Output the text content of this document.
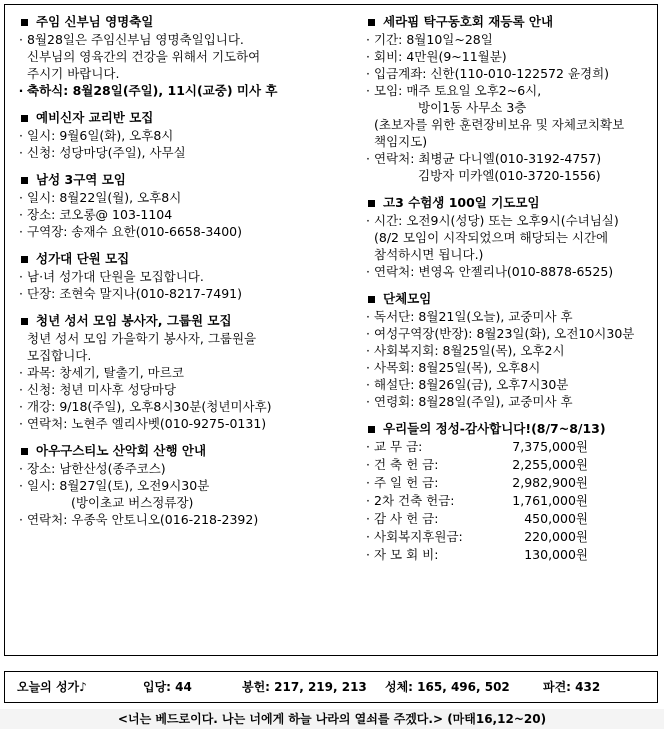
주임 신부님 영명축일
· 8월28일은 주임신부님 영명축일입니다.
신부님의 영육간의 건강을 위해서 기도하여
주시기 바랍니다.
· 축하식: 8월28일(주일), 11시(교중) 미사 후
예비신자 교리반 모집
· 일시: 9월6일(화), 오후8시
· 신청: 성당마당(주일), 사무실
남성 3구역 모임
· 일시: 8월22일(월), 오후8시
· 장소: 코오롱@ 103-1104
· 구역장: 송재수 요한(010-6658-3400)
성가대 단원 모집
· 남·녀 성가대 단원을 모집합니다.
· 단장: 조현숙 말지나(010-8217-7491)
청년 성서 모임 봉사자, 그룹원 모집
청년 성서 모임 가을학기 봉사자, 그룹원을
모집합니다.
· 과목: 창세기, 탈출기, 마르코
· 신청: 청년 미사후 성당마당
· 개강: 9/18(주일), 오후8시30분(청년미사후)
· 연락처: 노현주 엘리사벳(010-9275-0131)
아우구스티노 산악회 산행 안내
· 장소: 남한산성(종주코스)
· 일시: 8월27일(토), 오전9시30분
(방이초교 버스정류장)
· 연락처: 우종욱 안토니오(016-218-2392)
세라핌 탁구동호회 재등록 안내
· 기간: 8월10일~28일
· 회비: 4만원(9~11월분)
· 입금계좌: 신한(110-010-122572 윤경희)
· 모임: 매주 토요일 오후2~6시,
방이1동 사무소 3층
(초보자를 위한 훈련장비보유 및 자체코치확보
책임지도)
· 연락처: 최병균 다니엘(010-3192-4757)
김방자 미카엘(010-3720-1556)
고3 수험생 100일 기도모임
· 시간: 오전9시(성당) 또는 오후9시(수녀님실)
(8/2 모임이 시작되었으며 해당되는 시간에
참석하시면 됩니다.)
· 연락처: 변영옥 안젤리나(010-8878-6525)
단체모임
· 독서단: 8월21일(오늘), 교중미사 후
· 여성구역장(반장): 8월23일(화), 오전10시30분
· 사회복지회: 8월25일(목), 오후2시
· 사목회: 8월25일(목), 오후8시
· 해설단: 8월26일(금), 오후7시30분
· 연령회: 8월28일(주일), 교중미사 후
우리들의 정성-감사합니다!(8/7~8/13)
· 교 무 금:	7,375,000원
· 건 축 헌 금:	2,255,000원
· 주 일 헌 금:	2,982,900원
· 2차 건축 헌금:	1,761,000원
· 감 사 헌 금:	450,000원
· 사회복지후원금:	220,000원
· 자 모 회 비:	130,000원
오늘의 성가♪	입당: 44	봉헌: 217, 219, 213 성체: 165, 496, 502	파견: 432
<너는 베드로이다. 나는 너에게 하늘 나라의 열쇠를 주겠다.> (마태16,12~20)
